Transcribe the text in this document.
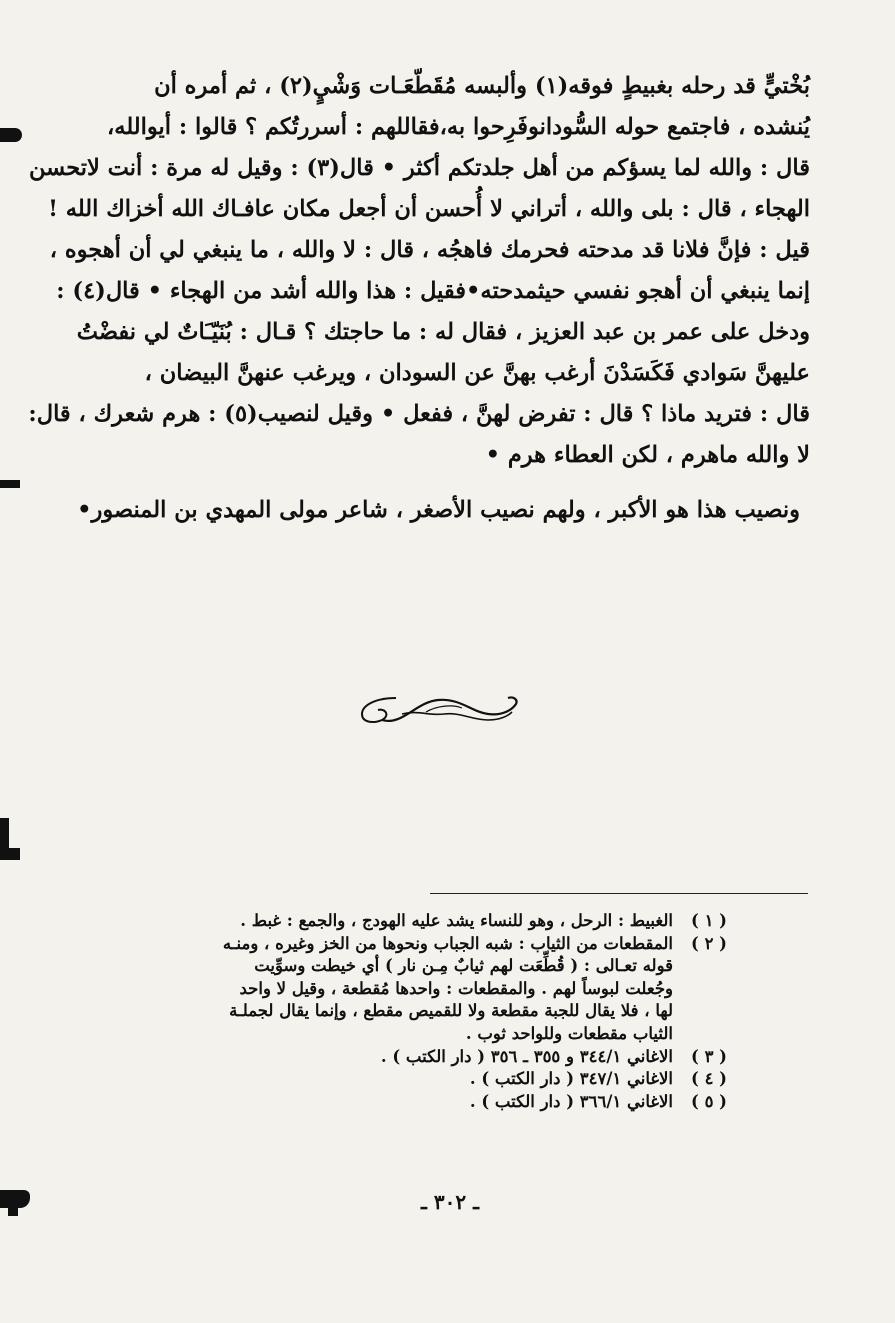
بُخْتيٍّ قد رحله بغبيطٍ فوقه(١) وألبسه مُقَطّعَـات وَشْيٍ(٢) ، ثم أمره أن
يُنشده ، فاجتمع حوله السُّودانوفَرِحوا به،فقاللهم : أسررتُكم ؟ قالوا : أيوالله،
قال : والله لما يسؤكم من أهل جلدتكم أكثر • قال(٣) : وقيل له مرة : أنت لاتحسن
الهجاء ، قال : بلى والله ، أتراني لا أُحسن أن أجعل مكان عافـاك الله أخزاك الله !
قيل : فإنَّ فلانا قد مدحته فحرمك فاهجُه ، قال : لا والله ، ما ينبغي لي أن أهجوه ،
إنما ينبغي أن أهجو نفسي حيثمدحته•فقيل : هذا والله أشد من الهجاء • قال(٤) :
ودخل على عمر بن عبد العزيز ، فقال له : ما حاجتك ؟ قـال : بُنَيّـَاتٌ لي نفضْتُ
عليهنَّ سَوادي فَكَسَدْنَ أرغب بهنَّ عن السودان ، ويرغب عنهنَّ البيضان ،
قال : فتريد ماذا ؟ قال : تفرض لهنَّ ، ففعل • وقيل لنصيب(٥) : هرم شعرك ، قال:
لا والله ماهرم ، لكن العطاء هرم •
ونصيب هذا هو الأكبر ، ولهم نصيب الأصغر ، شاعر مولى المهدي بن المنصور•
( ١ )
الغبيط : الرحل ، وهو للنساء يشد عليه الهودج ، والجمع : غبط .
( ٢ )
المقطعات من الثياب : شبه الجباب ونحوها من الخز وغيره ، ومنـه
قوله تعـالى : ( قُطِّعَت لهم ثيابٌ مِـن نار ) أي خيطت وسوِّيت
وجُعلت لبوساً لهم . والمقطعات : واحدها مُقطعة ، وقيل لا واحد
لها ، فلا يقال للجبة مقطعة ولا للقميص مقطع ، وإنما يقال لجملـة
الثياب مقطعات وللواحد ثوب .
( ٣ )
الاغاني ٣٤٤/١ و ٣٥٥ ـ ٣٥٦ ( دار الكتب ) .
( ٤ )
الاغاني ٣٤٧/١ ( دار الكتب ) .
( ٥ )
الاغاني ٣٦٦/١ ( دار الكتب ) .
ـ ٣٠٢ ـ
